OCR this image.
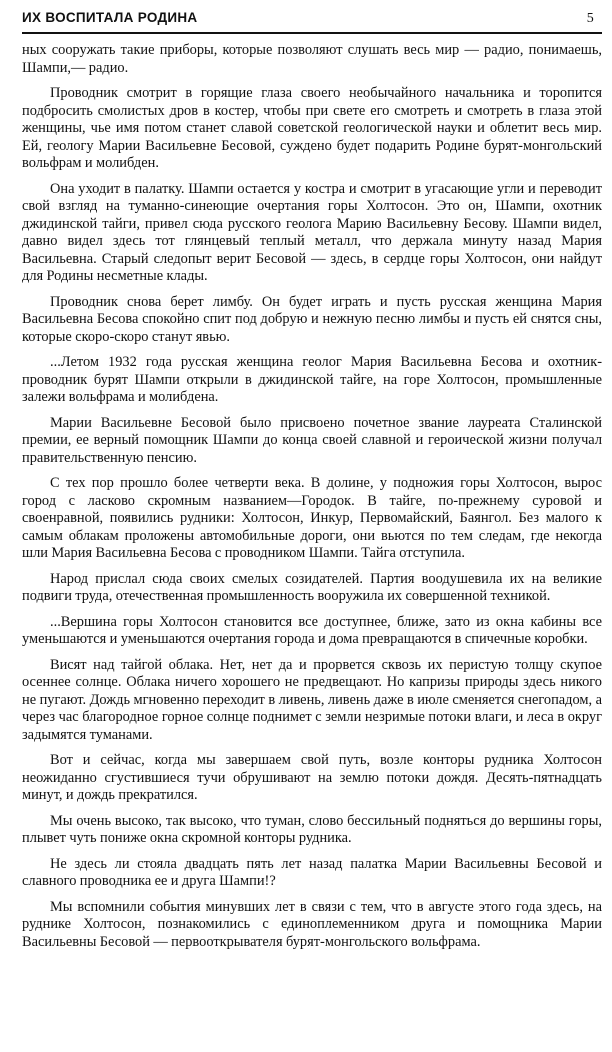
ИХ ВОСПИТАЛА РОДИНА	5

ных сооружать такие приборы, которые позволяют слушать весь мир — радио, понимаешь, Шампи,— радио.

Проводник смотрит в горящие глаза своего необычайного начальника и торопится подбросить смолистых дров в костер, чтобы при свете его смотреть и смотреть в глаза этой женщины, чье имя потом станет славой советской геологической науки и облетит весь мир. Ей, геологу Марии Васильевне Бесовой, суждено будет подарить Родине бурят-монгольский вольфрам и молибден.

Она уходит в палатку. Шампи остается у костра и смотрит в угасающие угли и переводит свой взгляд на туманно-синеющие очертания горы Холтосон. Это он, Шампи, охотник джидинской тайги, привел сюда русского геолога Марию Васильевну Бесову. Шампи видел, давно видел здесь тот глянцевый теплый металл, что держала минуту назад Мария Васильевна. Старый следопыт верит Бесовой — здесь, в сердце горы Холтосон, они найдут для Родины несметные клады.

Проводник снова берет лимбу. Он будет играть и пусть русская женщина Мария Васильевна Бесова спокойно спит под добрую и нежную песню лимбы и пусть ей снятся сны, которые скоро-скоро станут явью.

...Летом 1932 года русская женщина геолог Мария Васильевна Бесова и охотник-проводник бурят Шампи открыли в джидинской тайге, на горе Холтосон, промышленные залежи вольфрама и молибдена.

Марии Васильевне Бесовой было присвоено почетное звание лауреата Сталинской премии, ее верный помощник Шампи до конца своей славной и героической жизни получал правительственную пенсию.

С тех пор прошло более четверти века. В долине, у подножия горы Холтосон, вырос город с ласково скромным названием—Городок. В тайге, по-прежнему суровой и своенравной, появились рудники: Холтосон, Инкур, Первомайский, Баянгол. Без малого к самым облакам проложены автомобильные дороги, они вьются по тем следам, где некогда шли Мария Васильевна Бесова с проводником Шампи. Тайга отступила.

Народ прислал сюда своих смелых созидателей. Партия воодушевила их на великие подвиги труда, отечественная промышленность вооружила их совершенной техникой.

...Вершина горы Холтосон становится все доступнее, ближе, зато из окна кабины все уменьшаются и уменьшаются очертания города и дома превращаются в спичечные коробки.

Висят над тайгой облака. Нет, нет да и прорвется сквозь их перистую толщу скупое осеннее солнце. Облака ничего хорошего не предвещают. Но капризы природы здесь никого не пугают. Дождь мгновенно переходит в ливень, ливень даже в июле сменяется снегопадом, а через час благородное горное солнце поднимет с земли незримые потоки влаги, и леса в округ задымятся туманами.

Вот и сейчас, когда мы завершаем свой путь, возле конторы рудника Холтосон неожиданно сгустившиеся тучи обрушивают на землю потоки дождя. Десять-пятнадцать минут, и дождь прекратился.

Мы очень высоко, так высоко, что туман, слово бессильный подняться до вершины горы, плывет чуть пониже окна скромной конторы рудника.

Не здесь ли стояла двадцать пять лет назад палатка Марии Васильевны Бесовой и славного проводника ее и друга Шампи!?

Мы вспомнили события минувших лет в связи с тем, что в августе этого года здесь, на руднике Холтосон, познакомились с единоплеменником друга и помощника Марии Васильевны Бесовой — первооткрывателя бурят-монгольского вольфрама.
